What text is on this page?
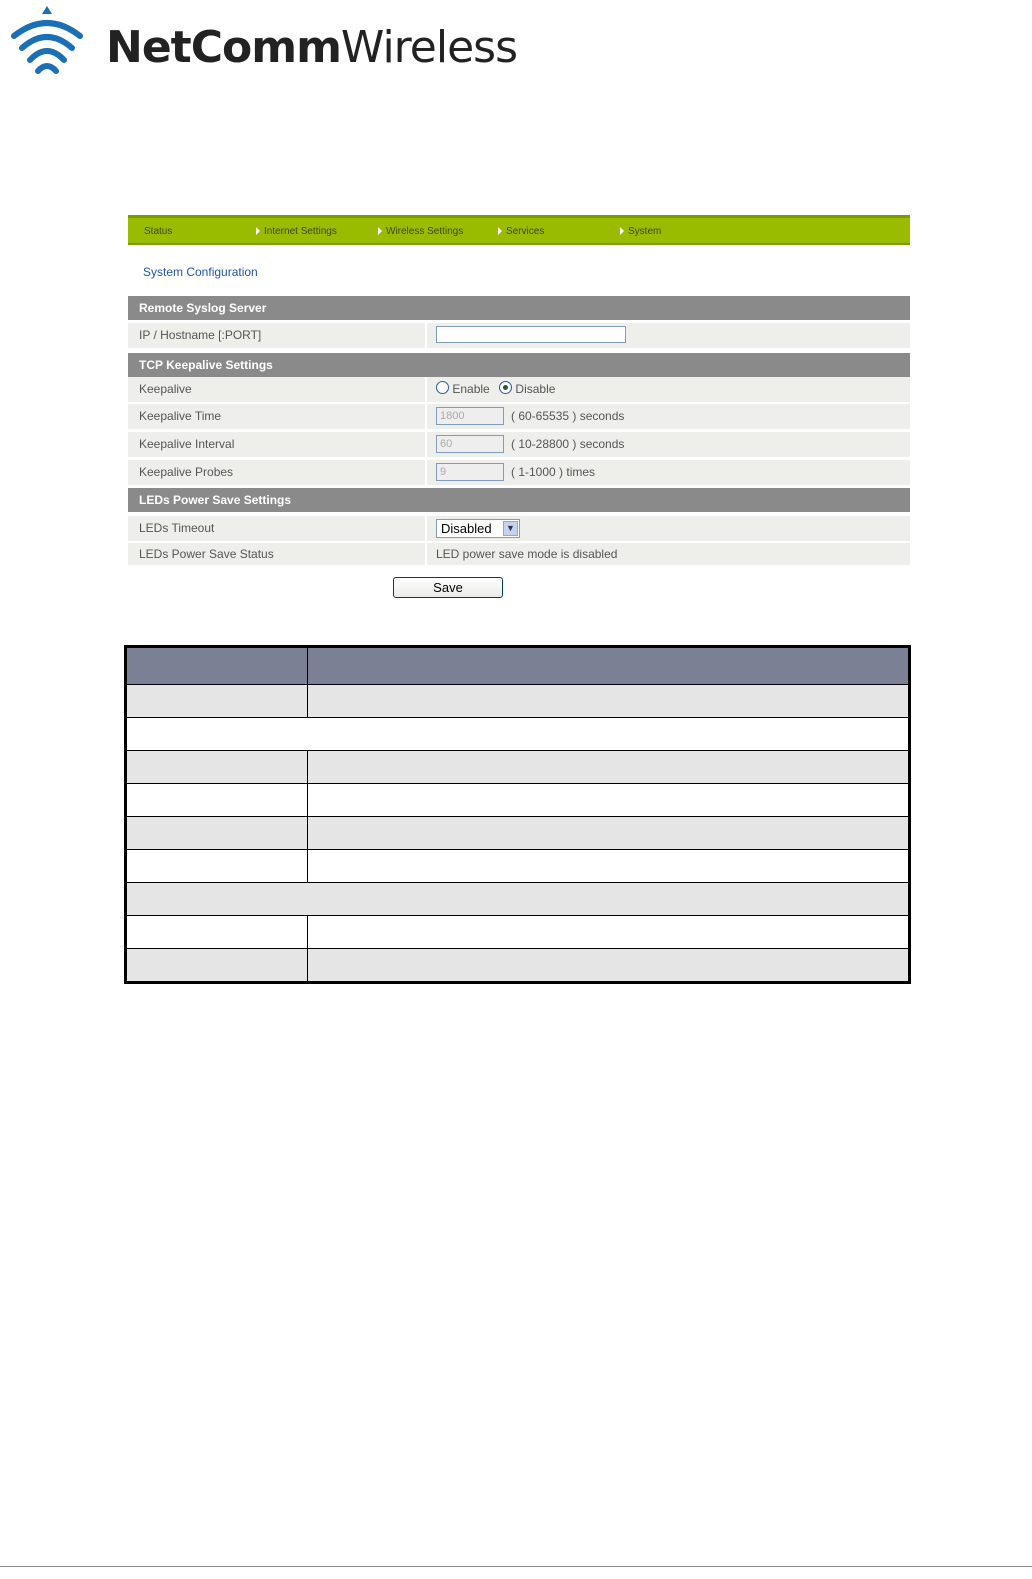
NetCommWireless
Status	Internet Settings	Wireless Settings	Services	System
System Configuration
Remote Syslog Server
IP / Hostname [:PORT]
TCP Keepalive Settings
Keepalive	Enable Disable
Keepalive Time	1800	( 60-65535 ) seconds
Keepalive Interval	60	( 10-28800 ) seconds
Keepalive Probes	9	( 1-1000 ) times
LEDs Power Save Settings
LEDs Timeout	Disabled	▼
LEDs Power Save Status	LED power save mode is disabled
Save
